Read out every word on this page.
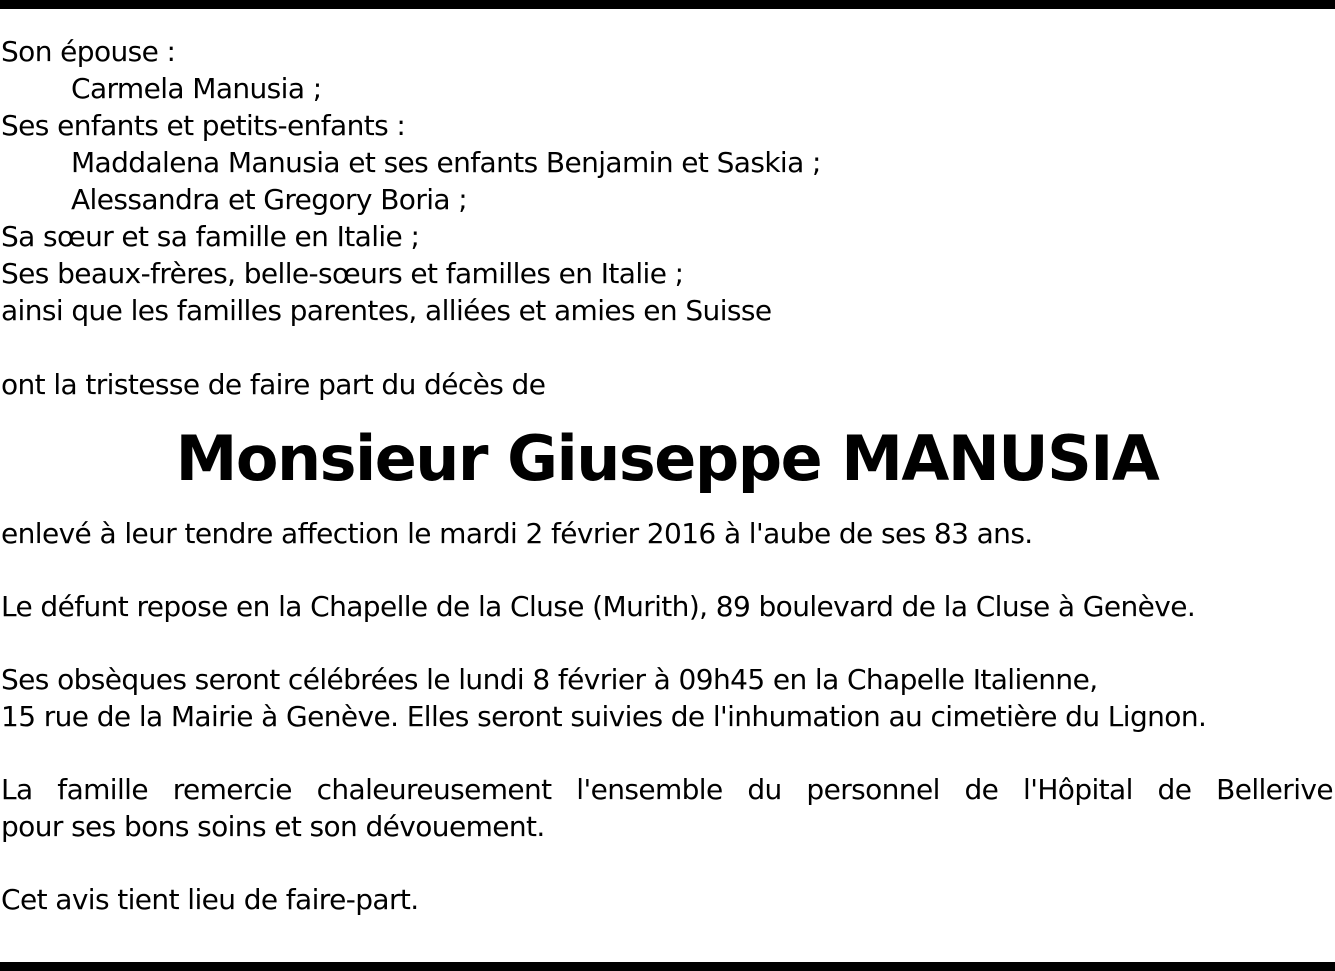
Son épouse :
Carmela Manusia ;
Ses enfants et petits-enfants :
Maddalena Manusia et ses enfants Benjamin et Saskia ;
Alessandra et Gregory Boria ;
Sa sœur et sa famille en Italie ;
Ses beaux-frères, belle-sœurs et familles en Italie ;
ainsi que les familles parentes, alliées et amies en Suisse
ont la tristesse de faire part du décès de
Monsieur Giuseppe MANUSIA
enlevé à leur tendre affection le mardi 2 février 2016 à l'aube de ses 83 ans.
Le défunt repose en la Chapelle de la Cluse (Murith), 89 boulevard de la Cluse à Genève.
Ses obsèques seront célébrées le lundi 8 février à 09h45 en la Chapelle Italienne,
15 rue de la Mairie à Genève. Elles seront suivies de l'inhumation au cimetière du Lignon.
La famille remercie chaleureusement l'ensemble du personnel de l'Hôpital de Bellerive
pour ses bons soins et son dévouement.
Cet avis tient lieu de faire-part.
